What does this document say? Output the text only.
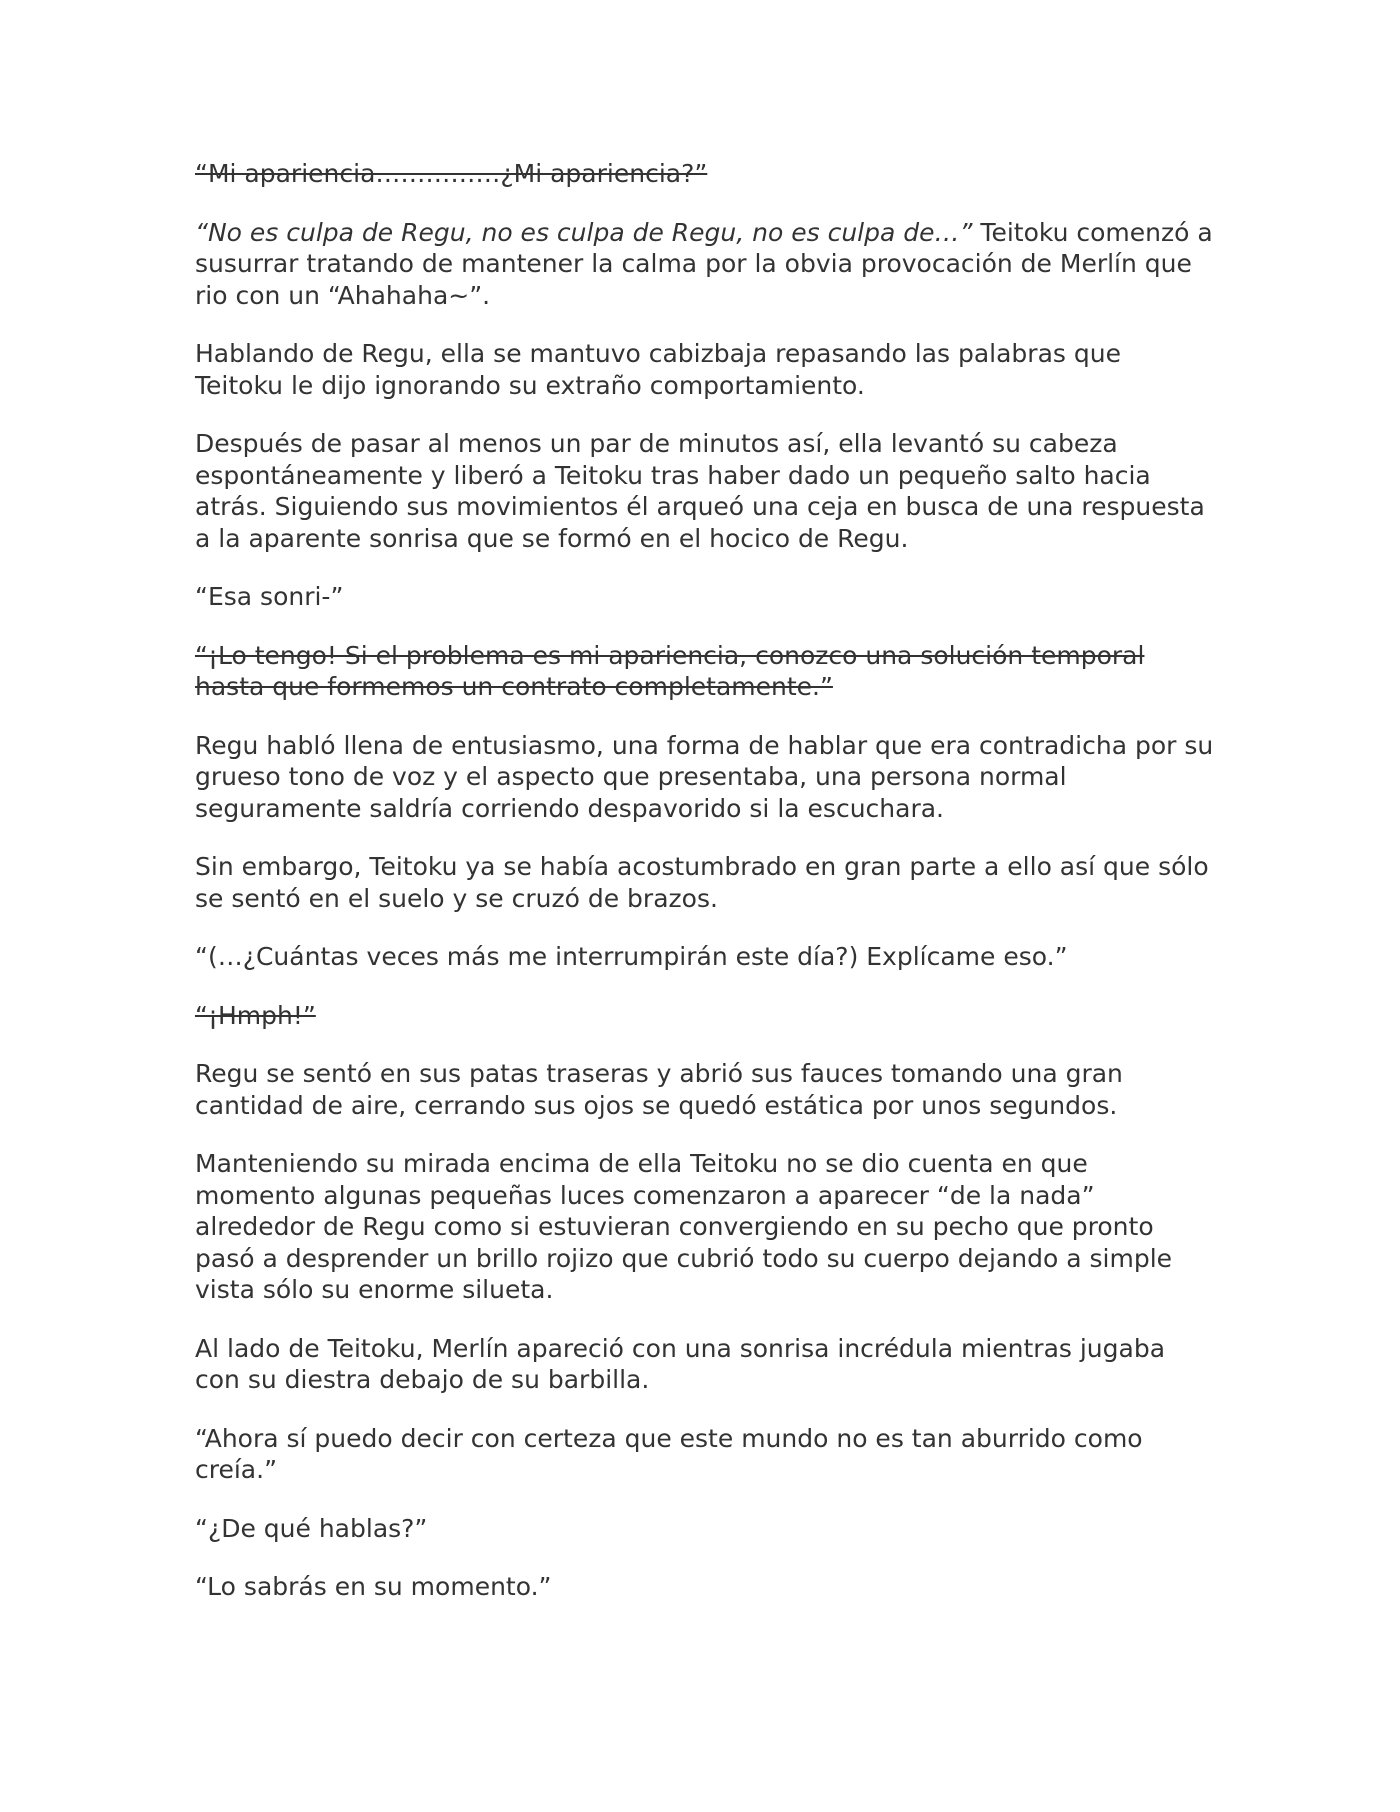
“Mi apariencia……………¿Mi apariencia?”

“No es culpa de Regu, no es culpa de Regu, no es culpa de…” Teitoku comenzó a susurrar tratando de mantener la calma por la obvia provocación de Merlín que rio con un “Ahahaha~”.

Hablando de Regu, ella se mantuvo cabizbaja repasando las palabras que Teitoku le dijo ignorando su extraño comportamiento.

Después de pasar al menos un par de minutos así, ella levantó su cabeza espontáneamente y liberó a Teitoku tras haber dado un pequeño salto hacia atrás. Siguiendo sus movimientos él arqueó una ceja en busca de una respuesta a la aparente sonrisa que se formó en el hocico de Regu.

“Esa sonri-”

“¡Lo tengo! Si el problema es mi apariencia, conozco una solución temporal hasta que formemos un contrato completamente.”

Regu habló llena de entusiasmo, una forma de hablar que era contradicha por su grueso tono de voz y el aspecto que presentaba, una persona normal seguramente saldría corriendo despavorido si la escuchara.

Sin embargo, Teitoku ya se había acostumbrado en gran parte a ello así que sólo se sentó en el suelo y se cruzó de brazos.

“(…¿Cuántas veces más me interrumpirán este día?) Explícame eso.”

“¡Hmph!”

Regu se sentó en sus patas traseras y abrió sus fauces tomando una gran cantidad de aire, cerrando sus ojos se quedó estática por unos segundos.

Manteniendo su mirada encima de ella Teitoku no se dio cuenta en que momento algunas pequeñas luces comenzaron a aparecer “de la nada” alrededor de Regu como si estuvieran convergiendo en su pecho que pronto pasó a desprender un brillo rojizo que cubrió todo su cuerpo dejando a simple vista sólo su enorme silueta.

Al lado de Teitoku, Merlín apareció con una sonrisa incrédula mientras jugaba con su diestra debajo de su barbilla.

“Ahora sí puedo decir con certeza que este mundo no es tan aburrido como creía.”

“¿De qué hablas?”

“Lo sabrás en su momento.”
